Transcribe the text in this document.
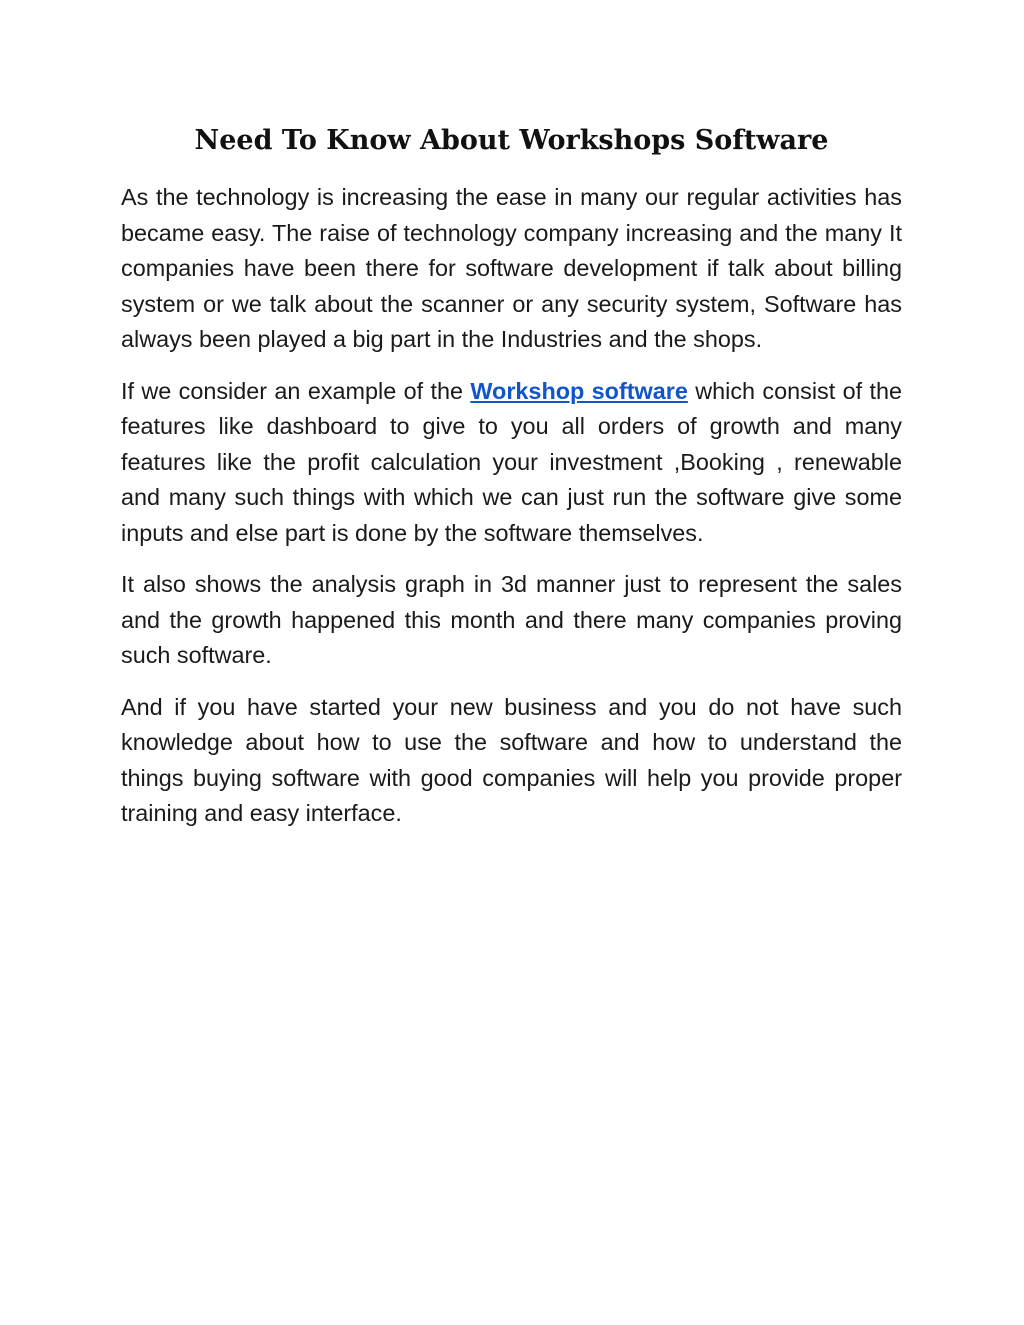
Need To Know About Workshops Software

As the technology is increasing the ease in many our regular activities has became easy. The raise of technology company increasing and the many It companies have been there for software development if talk about billing system or we talk about the scanner or any security system, Software has always been played a big part in the Industries and the shops.

If we consider an example of the Workshop software which consist of the features like dashboard to give to you all orders of growth and many features like the profit calculation your investment ,Booking , renewable and many such things with which we can just run the software give some inputs and else part is done by the software themselves.

It also shows the analysis graph in 3d manner just to represent the sales and the growth happened this month and there many companies proving such software.

And if you have started your new business and you do not have such knowledge about how to use the software and how to understand the things buying software with good companies will help you provide proper training and easy interface.
